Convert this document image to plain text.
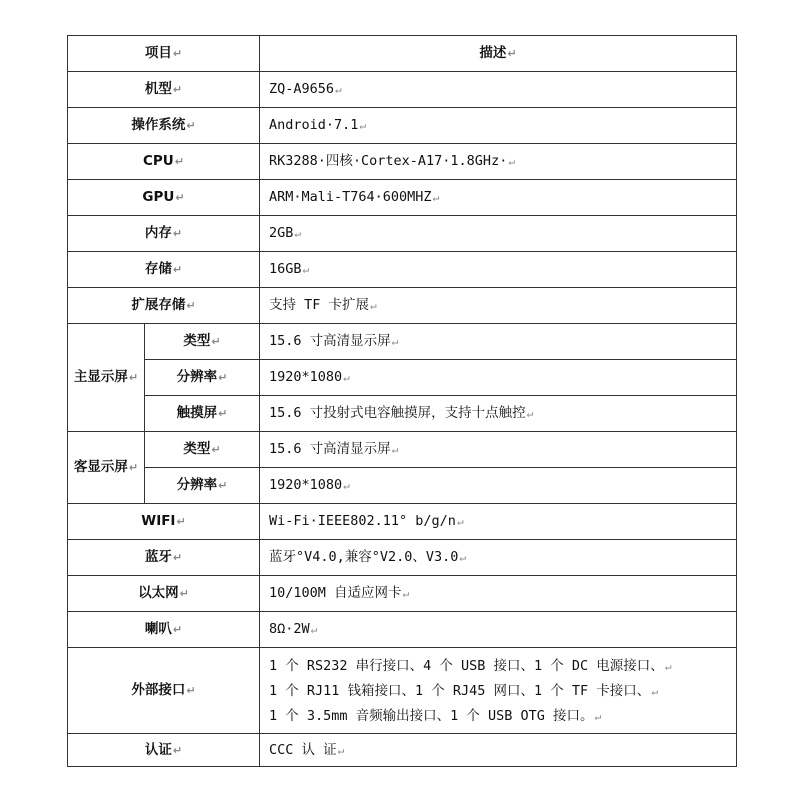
项目↵		描述↵
机型↵		ZQ-A9656↵
操作系统↵		Android·7.1↵
CPU↵		RK3288·四核·Cortex-A17·1.8GHz·↵
GPU↵		ARM·Mali-T764·600MHZ↵
内存↵		2GB↵
存储↵		16GB↵
扩展存储↵		支持 TF 卡扩展↵
主显示屏↵	类型↵	15.6 寸高清显示屏↵
	分辨率↵	1920*1080↵
	触摸屏↵	15.6 寸投射式电容触摸屏，支持十点触控↵
客显示屏↵	类型↵	15.6 寸高清显示屏↵
	分辨率↵	1920*1080↵
WIFI↵		Wi-Fi·IEEE802.11° b/g/n↵
蓝牙↵		蓝牙°V4.0,兼容°V2.0、V3.0↵
以太网↵		10/100M 自适应网卡↵
喇叭↵		8Ω·2W↵
外部接口↵		1 个 RS232 串行接口、4 个 USB 接口、1 个 DC 电源接口、↵
1 个 RJ11 钱箱接口、1 个 RJ45 网口、1 个 TF 卡接口、↵
1 个 3.5mm 音频输出接口、1 个 USB OTG 接口。↵

认证↵		CCC 认 证↵
